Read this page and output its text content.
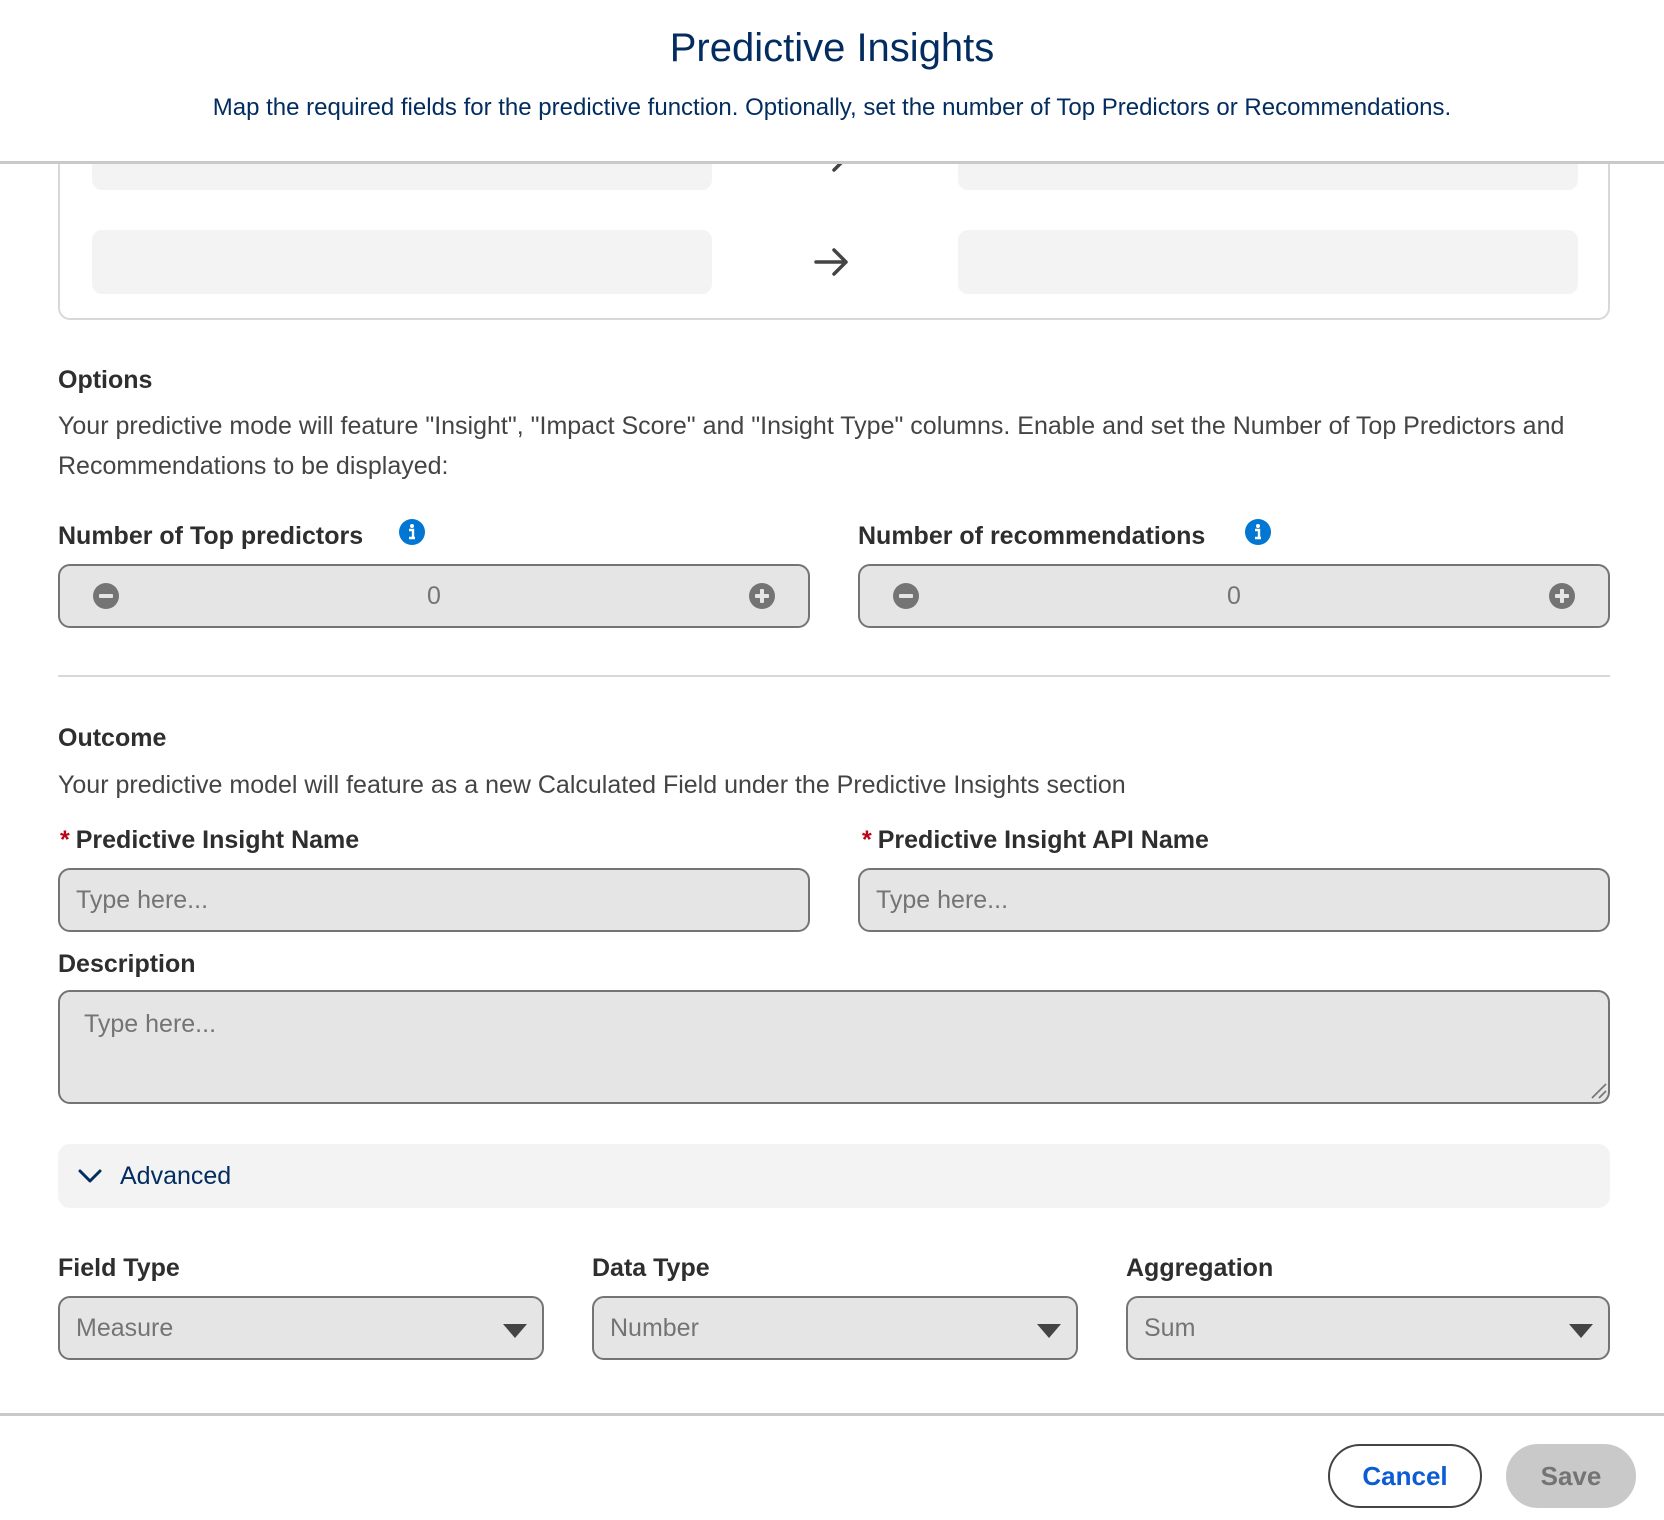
Predictive Insights
Map the required fields for the predictive function. Optionally, set the number of Top Predictors or Recommendations.
Options
Your predictive mode will feature "Insight", "Impact Score" and "Insight Type" columns. Enable and set the Number of Top Predictors and Recommendations to be displayed:
Number of Top predictors
0
Number of recommendations
0
Outcome
Your predictive model will feature as a new Calculated Field under the Predictive Insights section
* Predictive Insight Name
Type here...	* Predictive Insight API Name
Type here...
Description
Type here...
Advanced
Field Type
Measure
Data Type
Number
Aggregation
Sum
Cancel	Save
